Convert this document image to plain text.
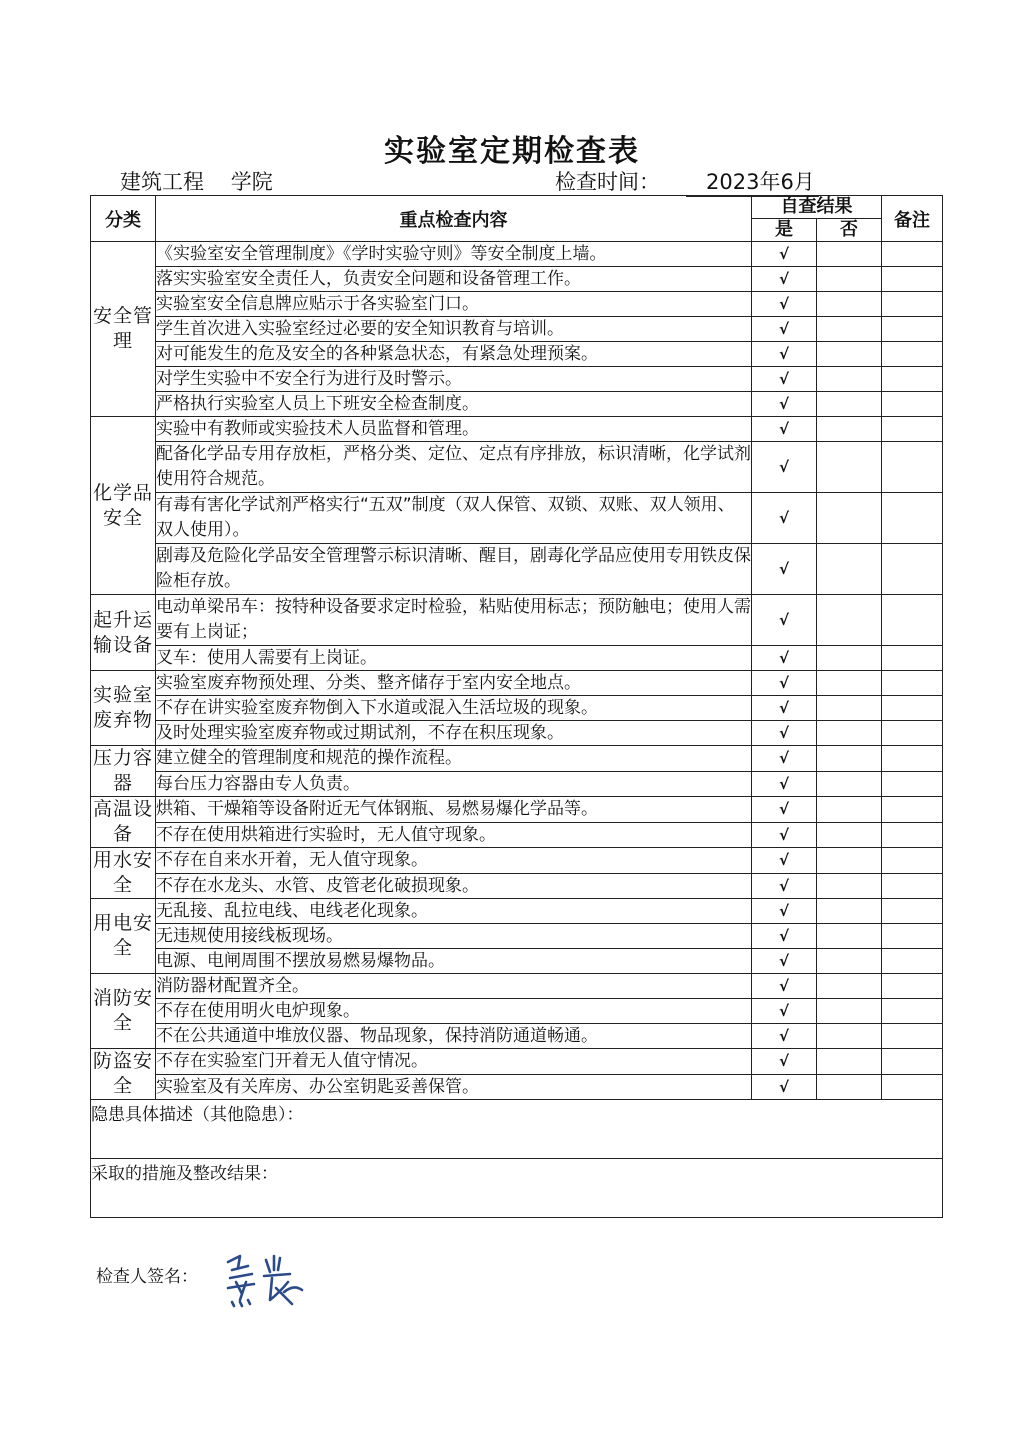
实验室定期检查表
建筑工程    学院	检查时间： 2023年6月
分类	重点检查内容	自查结果		备注
		是	否	
安全管理	《实验室安全管理制度》《学时实验守则》等安全制度上墙。	√		
	落实实验室安全责任人，负责安全问题和设备管理工作。	√		
	实验室安全信息牌应贴示于各实验室门口。	√		
	学生首次进入实验室经过必要的安全知识教育与培训。	√		
	对可能发生的危及安全的各种紧急状态，有紧急处理预案。	√		
	对学生实验中不安全行为进行及时警示。	√		
	严格执行实验室人员上下班安全检查制度。	√		
化学品安全	实验中有教师或实验技术人员监督和管理。	√		
	配备化学品专用存放柜，严格分类、定位、定点有序排放，标识清晰，化学试剂使用符合规范。	√		
	有毒有害化学试剂严格实行“五双”制度（双人保管、双锁、双账、双人领用、双人使用）。	√		
	剧毒及危险化学品安全管理警示标识清晰、醒目，剧毒化学品应使用专用铁皮保险柜存放。	√		
起升运输设备	电动单梁吊车：按特种设备要求定时检验，粘贴使用标志；预防触电；使用人需要有上岗证；	√		
	叉车：使用人需要有上岗证。	√		
实验室废弃物	实验室废弃物预处理、分类、整齐储存于室内安全地点。	√		
	不存在讲实验室废弃物倒入下水道或混入生活垃圾的现象。	√		
	及时处理实验室废弃物或过期试剂，不存在积压现象。	√		
压力容器	建立健全的管理制度和规范的操作流程。	√		
	每台压力容器由专人负责。	√		
高温设备	烘箱、干燥箱等设备附近无气体钢瓶、易燃易爆化学品等。	√		
	不存在使用烘箱进行实验时，无人值守现象。	√		
用水安全	不存在自来水开着，无人值守现象。	√		
	不存在水龙头、水管、皮管老化破损现象。	√		
用电安全	无乱接、乱拉电线、电线老化现象。	√		
	无违规使用接线板现场。	√		
	电源、电闸周围不摆放易燃易爆物品。	√		
消防安全	消防器材配置齐全。	√		
	不存在使用明火电炉现象。	√		
	不在公共通道中堆放仪器、物品现象，保持消防通道畅通。	√		
防盗安全	不存在实验室门开着无人值守情况。	√		
	实验室及有关库房、办公室钥匙妥善保管。	√		
隐患具体描述（其他隐患）：				
采取的措施及整改结果：				
检查人签名：
